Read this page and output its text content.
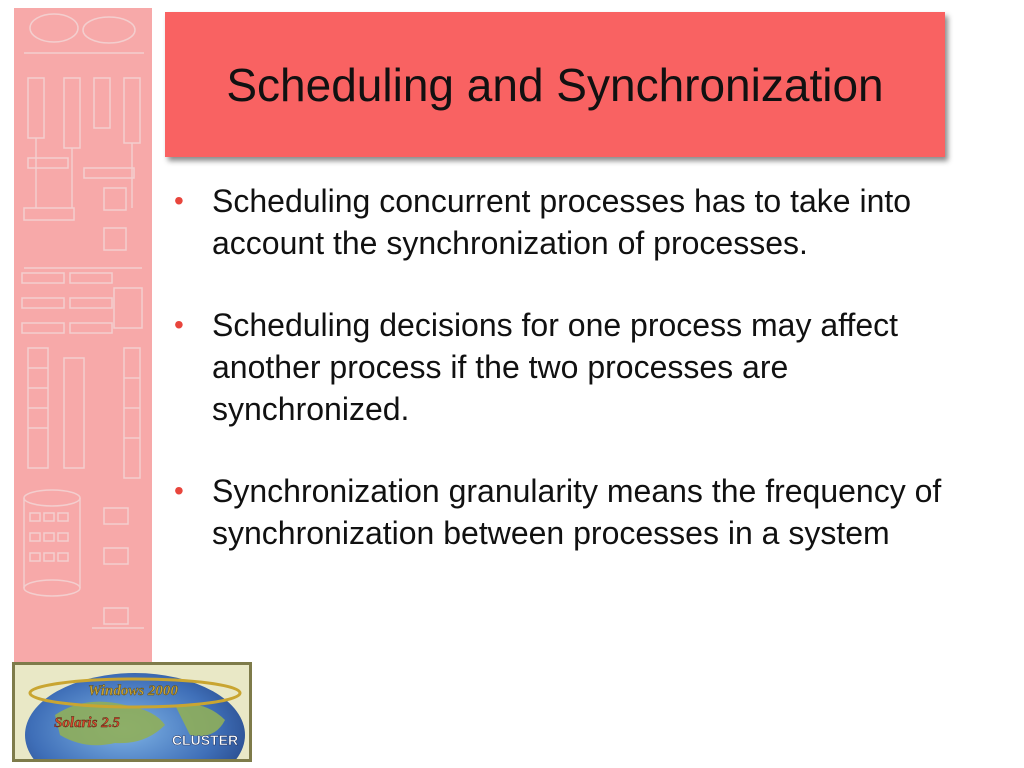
Scheduling and Synchronization
• Scheduling concurrent processes has to take into account the synchronization of processes.
• Scheduling decisions for one process may affect another process if the two processes are synchronized.
• Synchronization granularity means the frequency of synchronization between processes in a system
Windows 2000
Solaris 2.5
CLUSTER
